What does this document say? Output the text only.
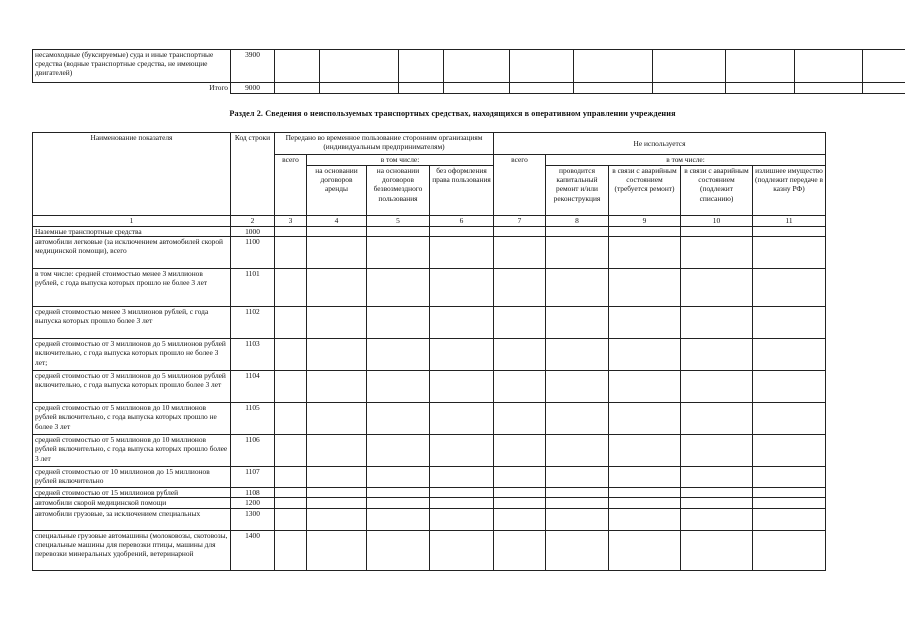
несамоходные (буксируемые) суда и иные транспортные средства (водные транспортные средства, не имеющие двигателей)	3900										
Итого	9000										
Раздел 2. Сведения о неиспользуемых транспортных средствах, находящихся в оперативном управлении учреждения
Наименование показателя	Код строки	Передано во временное пользование сторонним организациям (индивидуальным предпринимателям)				Не используется				
		всего	в том числе:			всего	в том числе:			
			на основании договоров аренды	на основании договоров безвозмездного пользования	без оформления права пользования		проводится капитальный ремонт и/или реконструкция	в связи с аварийным состоянием (требуется ремонт)	в связи с аварийным состоянием (подлежит списанию)	излишнее имущество (подлежит передаче в казну РФ)
1	2	3	4	5	6	7	8	9	10	11
Наземные транспортные средства	1000									
автомобили легковые (за исключением автомобилей скорой медицинской помощи), всего	1100									
в том числе: средней стоимостью менее 3 миллионов рублей, с года выпуска которых прошло не более 3 лет	1101									
средней стоимостью менее 3 миллионов рублей, с года выпуска которых прошло более 3 лет	1102									
средней стоимостью от 3 миллионов до 5 миллионов рублей включительно, с года выпуска которых прошло не более 3 лет;	1103									
средней стоимостью от 3 миллионов до 5 миллионов рублей включительно, с года выпуска которых прошло более 3 лет	1104									
средней стоимостью от 5 миллионов до 10 миллионов рублей включительно, с года выпуска которых прошло не более 3 лет	1105									
средней стоимостью от 5 миллионов до 10 миллионов рублей включительно, с года выпуска которых прошло более 3 лет	1106									
средней стоимостью от 10 миллионов до 15 миллионов рублей включительно	1107									
средней стоимостью от 15 миллионов рублей	1108									
автомобили скорой медицинской помощи	1200									
автомобили грузовые, за исключением специальных	1300									
специальные грузовые автомашины (молоковозы, скотовозы, специальные машины для перевозки птицы, машины для перевозки минеральных удобрений, ветеринарной	1400									
